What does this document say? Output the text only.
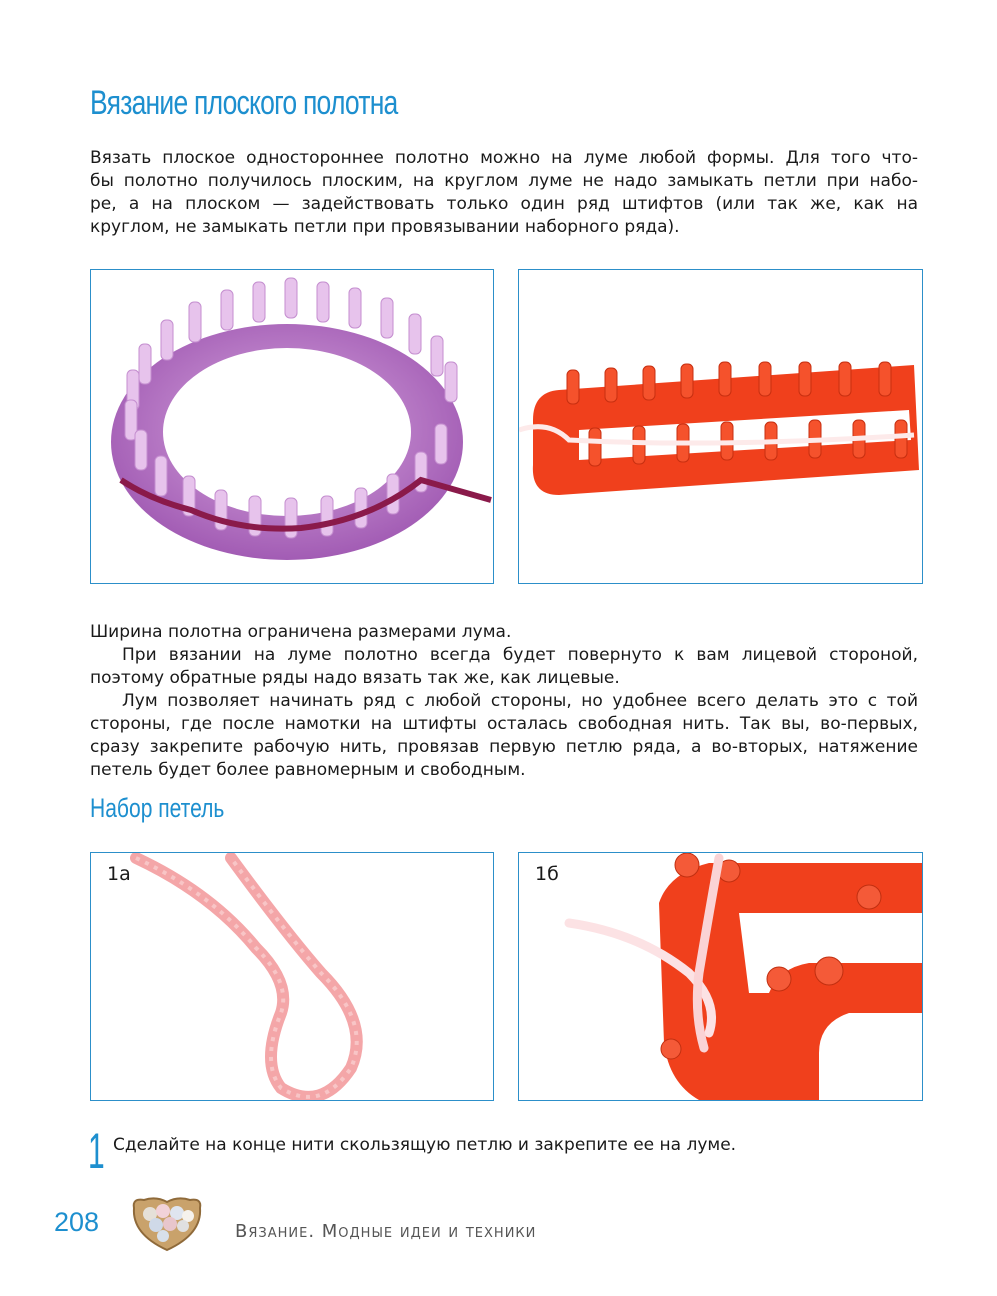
Вязание плоского полотна
Вязать плоское одностороннее полотно можно на луме любой формы. Для того что-
бы полотно получилось плоским, на круглом луме не надо замыкать петли при набо-
ре, а на плоском — задействовать только один ряд штифтов (или так же, как на
круглом, не замыкать петли при провязывании наборного ряда).
Ширина полотна ограничена размерами лума.
При вязании на луме полотно всегда будет повернуто к вам лицевой стороной,
поэтому обратные ряды надо вязать так же, как лицевые.
Лум позволяет начинать ряд с любой стороны, но удобнее всего делать это с той
стороны, где после намотки на штифты осталась свободная нить. Так вы, во-первых,
сразу закрепите рабочую нить, провязав первую петлю ряда, а во-вторых, натяжение
петель будет более равномерным и свободным.
Набор петель
1а	1б
1 Сделайте на конце нити скользящую петлю и закрепите ее на луме.
208	Вязание. Модные идеи и техники
